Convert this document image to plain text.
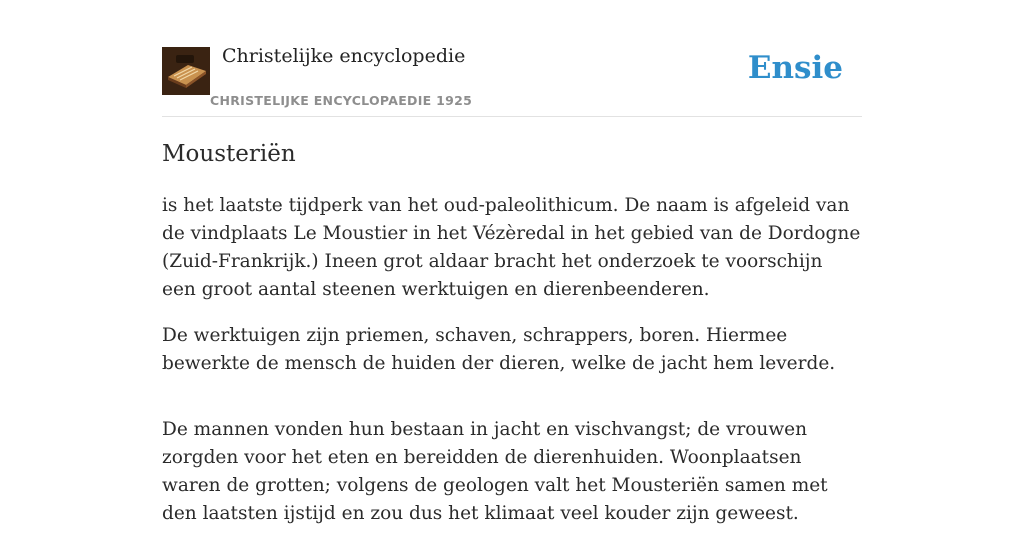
Christelijke encyclopedie
CHRISTELIJKE ENCYCLOPAEDIE 1925
Ensie
Mousteriën

is het laatste tijdperk van het oud-paleolithicum. De naam is afgeleid van de vindplaats Le Moustier in het Vézèredal in het gebied van de Dordogne (Zuid-Frankrijk.) Ineen grot aldaar bracht het onderzoek te voorschijn een groot aantal steenen werktuigen en dierenbeenderen.

De werktuigen zijn priemen, schaven, schrappers, boren. Hiermee bewerkte de mensch de huiden der dieren, welke de jacht hem leverde.

De mannen vonden hun bestaan in jacht en vischvangst; de vrouwen zorgden voor het eten en bereidden de dierenhuiden. Woonplaatsen waren de grotten; volgens de geologen valt het Mousteriën samen met den laatsten ijstijd en zou dus het klimaat veel kouder zijn geweest.
